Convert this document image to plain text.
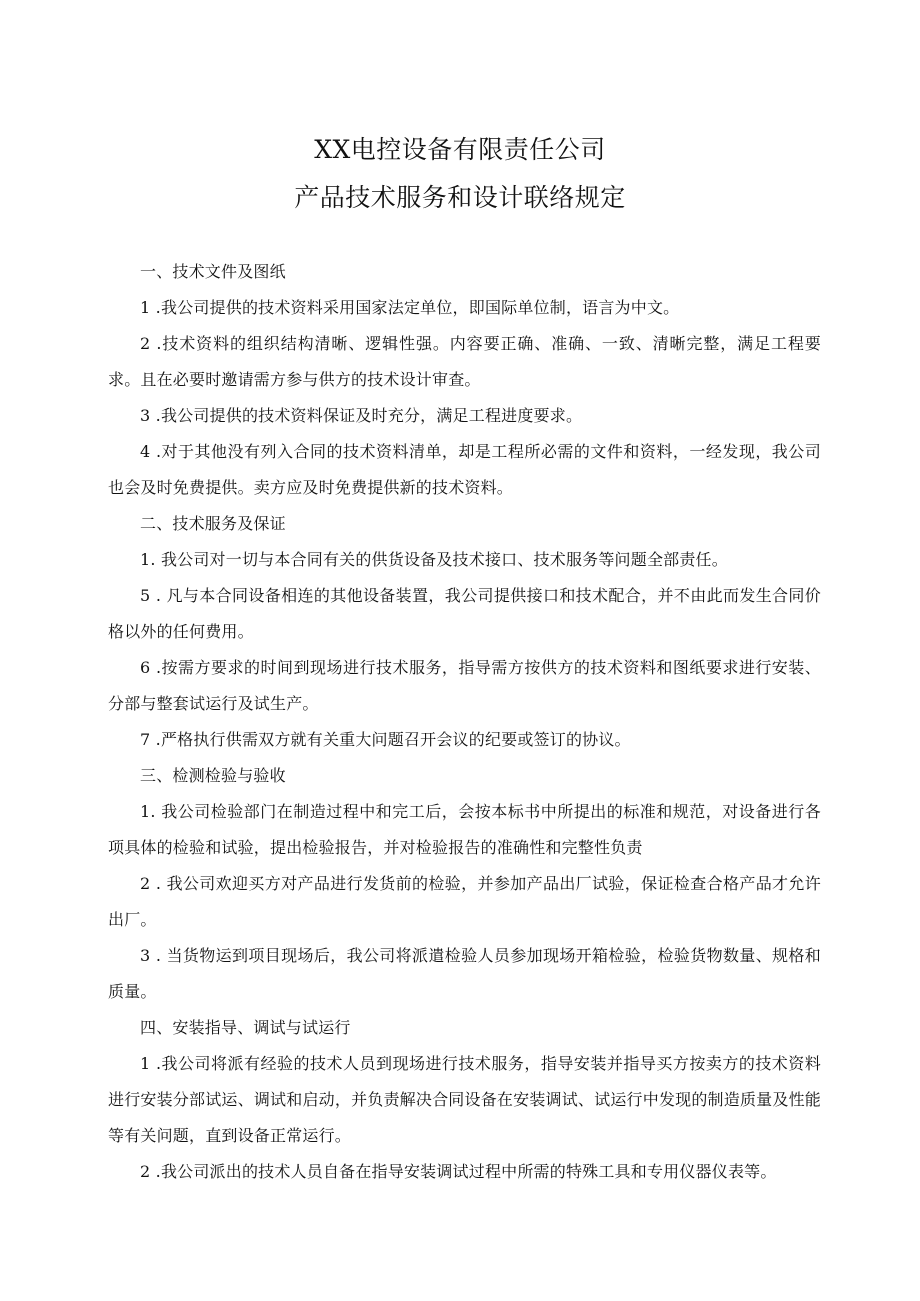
XX电控设备有限责任公司
产品技术服务和设计联络规定

一、技术文件及图纸

1 .我公司提供的技术资料采用国家法定单位，即国际单位制，语言为中文。

2 .技术资料的组织结构清晰、逻辑性强。内容要正确、准确、一致、清晰完整，满足工程要求。且在必要时邀请需方参与供方的技术设计审查。

3 .我公司提供的技术资料保证及时充分，满足工程进度要求。

4 .对于其他没有列入合同的技术资料清单，却是工程所必需的文件和资料，一经发现，我公司也会及时免费提供。卖方应及时免费提供新的技术资料。

二、技术服务及保证

1. 我公司对一切与本合同有关的供货设备及技术接口、技术服务等问题全部责任。

5 . 凡与本合同设备相连的其他设备装置，我公司提供接口和技术配合，并不由此而发生合同价格以外的任何费用。

6 .按需方要求的时间到现场进行技术服务，指导需方按供方的技术资料和图纸要求进行安装、分部与整套试运行及试生产。

7 .严格执行供需双方就有关重大问题召开会议的纪要或签订的协议。

三、检测检验与验收

1. 我公司检验部门在制造过程中和完工后，会按本标书中所提出的标准和规范，对设备进行各项具体的检验和试验，提出检验报告，并对检验报告的准确性和完整性负责

2 . 我公司欢迎买方对产品进行发货前的检验，并参加产品出厂试验，保证检查合格产品才允许出厂。

3 . 当货物运到项目现场后，我公司将派遣检验人员参加现场开箱检验，检验货物数量、规格和质量。

四、安装指导、调试与试运行

1 .我公司将派有经验的技术人员到现场进行技术服务，指导安装并指导买方按卖方的技术资料进行安装分部试运、调试和启动，并负责解决合同设备在安装调试、试运行中发现的制造质量及性能等有关问题，直到设备正常运行。

2 .我公司派出的技术人员自备在指导安装调试过程中所需的特殊工具和专用仪器仪表等。
